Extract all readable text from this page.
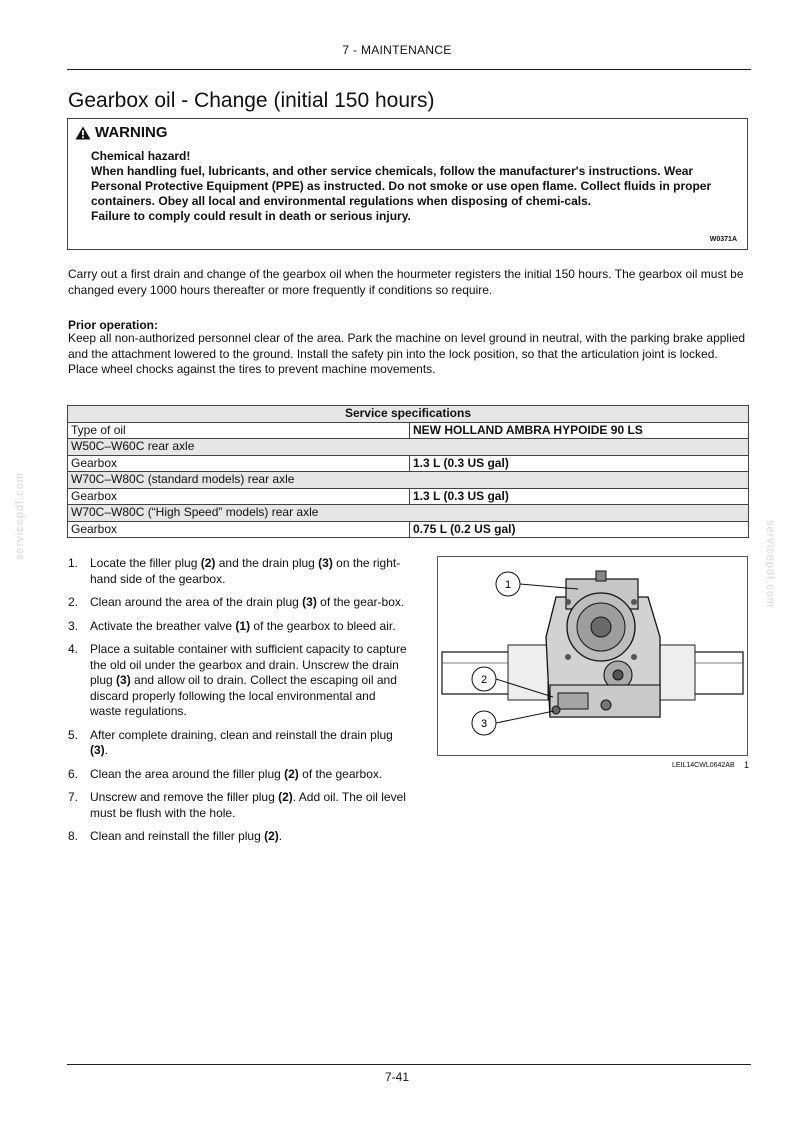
7 - MAINTENANCE
Gearbox oil - Change (initial 150 hours)
WARNING
Chemical hazard!
When handling fuel, lubricants, and other service chemicals, follow the manufacturer's instructions. Wear Personal Protective Equipment (PPE) as instructed. Do not smoke or use open flame. Collect fluids in proper containers. Obey all local and environmental regulations when disposing of chemi-cals.
Failure to comply could result in death or serious injury.
W0371A
Carry out a first drain and change of the gearbox oil when the hourmeter registers the initial 150 hours. The gearbox oil must be changed every 1000 hours thereafter or more frequently if conditions so require.
Prior operation:
Keep all non-authorized personnel clear of the area. Park the machine on level ground in neutral, with the parking brake applied and the attachment lowered to the ground. Install the safety pin into the lock position, so that the articulation joint is locked.
Place wheel chocks against the tires to prevent machine movements.
Service specifications	
Type of oil	NEW HOLLAND AMBRA HYPOIDE 90 LS
W50C–W60C rear axle	
Gearbox	1.3 L (0.3 US gal)
W70C–W80C (standard models) rear axle	
Gearbox	1.3 L (0.3 US gal)
W70C–W80C (“High Speed” models) rear axle	
Gearbox	0.75 L (0.2 US gal)
1. Locate the filler plug (2) and the drain plug (3) on the right-hand side of the gearbox.
2. Clean around the area of the drain plug (3) of the gear-box.
3. Activate the breather valve (1) of the gearbox to bleed air.
4. Place a suitable container with sufficient capacity to capture the old oil under the gearbox and drain. Unscrew the drain plug (3) and allow oil to drain. Collect the escaping oil and discard properly following the local environmental and waste regulations.
5. After complete draining, clean and reinstall the drain plug (3).
6. Clean the area around the filler plug (2) of the gearbox.
7. Unscrew and remove the filler plug (2). Add oil. The oil level must be flush with the hole.
8. Clean and reinstall the filler plug (2).
1
2
3
LEIL14CWL0642AB 1
servicepdf.com
servicepdf.com
7-41
